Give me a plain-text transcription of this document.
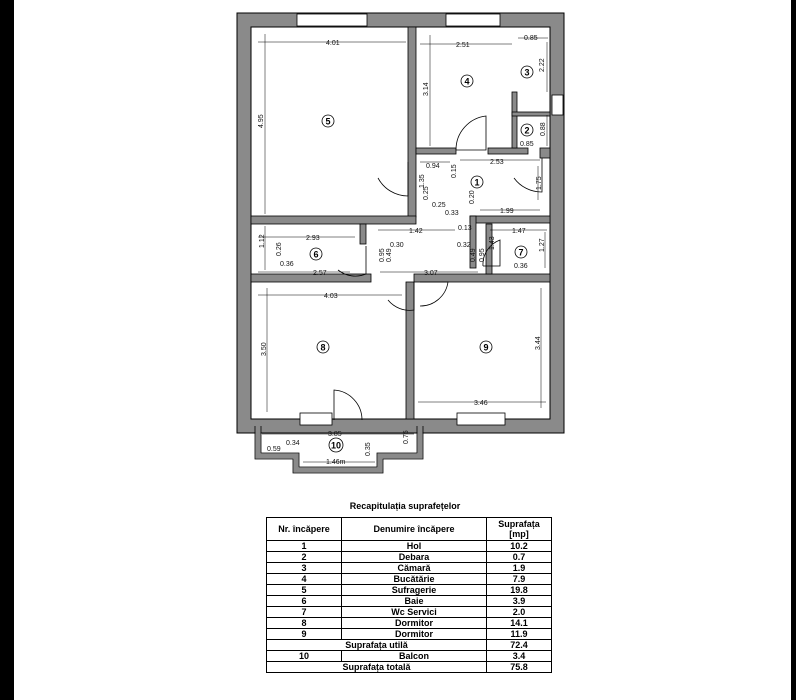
4.01	2.51
0.85
2.22
3.14
4.95
0.88
0.85
0.94
2.53
0.15
1.35	1.75
0.25
0.25
0.20
0.33	1.99
1.42	0.13	1.47
2.93
0.30	0.32	1.43	1.27
1.12
0.26
0.36
0.95 0.49	0.49 0.95
0.36
2.57	3.07
4.03
3.50	3.44
3.46
3.85
0.34	0.75
0.59	0.35
1.46m
1
2
3
4
5
6	7
8	9
10
Recapitulația suprafețelor
Nr. încăpere	Denumire încăpere	Suprafața [mp]
1	Hol	10.2
2	Debara	0.7
3	Cămară	1.9
4	Bucătărie	7.9
5	Sufragerie	19.8
6	Baie	3.9
7	Wc Servici	2.0
8	Dormitor	14.1
9	Dormitor	11.9
Suprafața utilă		72.4
10	Balcon	3.4
Suprafața totală		75.8
